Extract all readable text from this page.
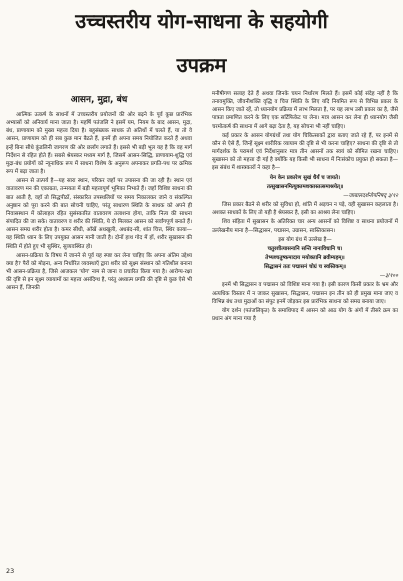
उच्चस्तरीय योग-साधना के सहयोगी
उपक्रम
आसन, मुद्रा, बंध

आत्मिक उत्कर्ष के साधनों में उच्चस्तरीय प्रयोजनों की ओर बढ़ने के पूर्व कुछ प्रारंभिक अभ्यासों को अनिवार्य माना जाता है। महर्षि पतंजलि ने इसमें यम, नियम के बाद आसन, मुद्रा, बंध, प्राणायाम को मुख्य महत्त्व दिया है। बहुसंख्यक साधक तो अतिथों में चलते हैं, या तो वे आसन, प्राणायाम को ही सब कुछ मान बैठते हैं, इनमें ही अपना समय नियोजित करते हैं अथवा इन्हें बिना सीधे कुंडलिनी जागरण की ओर छलाँग लगाते हैं। इससे भी बड़ी भूल यह है कि वह मार्ग निर्देशन से रहित होते हैं। सबसे श्रेयस्कर मध्यम मार्ग है, जिसमें आसन-सिद्धि, प्राणायाम-शुद्धि एवं मुद्रा-बंध प्रयोगों को न्यूनाधिक रूप में साधना विशेष के अनुरूप अपनाकर प्रगति-पथ पर क्रमिक रूप में बढ़ा जाता है।

आसन से तात्पर्य है—यह सारा स्थान, परिकर जहाँ पर उपासना की जा रही है। स्थान एवं वातावरण मन की एकाग्रता, तन्मयता में बड़ी महत्त्वपूर्ण भूमिका निभाते हैं। जहाँ विशिष्ट साधना की बात आती है, वहाँ तो सिद्धपीठों, संस्कारित तपस्थलियों पर समय निकालकर जाने व संकल्पित अनुष्ठान को पूरा करने की बात सोचनी चाहिए, परंतु साधारण स्थिति के साधक को अपने ही निवासस्थान में कोलाहल रहित सुसंस्कारित वातावरण तलाशना होगा, ताकि नित्य की साधना संपादित की जा सके। वातावरण व शरीर की स्थिति, ये दो मिलकर आसन को सर्वांगपूर्ण बनाते हैं। आसन समग्र शरीर होता है। कमर सीधी, आँखें अधखुली, अधबंद-सी, शांत चित्त, स्थिर काया—यह स्थिति ध्यान के लिए उपयुक्त आसन मानी जाती है। दोनों हाथ गोद में हों, शरीर सुखासन की स्थिति में होते हुए भी सुस्थिर, सुव्यवस्थित हो।

आसन-प्रक्रिया के विषय में जानने से पूर्व यह स्पष्ट कर लेना चाहिए कि अपना अंतिम उद्देश्य क्या है? पैरों को मोड़ना, अन्य निर्धारित व्यवस्थाएँ द्वारा शरीर को सूक्ष्म संस्थान को गतिशील बनाना भी आसन-प्रक्रिया है, जिसे आजकल 'योग' नाम से जाना व प्रचारित किया गया है। आरोग्य-रक्षा की दृष्टि से इन सूक्ष्म व्यायामों का महत्त्व असंदिग्ध है, परंतु अध्यात्म प्रगति की दृष्टि से कुछ ऐसे भी आसन हैं, जिनकी

मनीषीगण सलाह देते हैं अथवा जिनके चयन निर्धारण मिलते हैं। इसमें कोई संदेह नहीं है कि तनावमुक्ति, जीवनीशक्ति वृद्धि व चित्त स्थिति के लिए यदि नियमित रूप से विभिन्न प्रकार के आसन किए जाते रहें, तो ध्यानयोग प्रक्रिया में लाभ मिलता है, पर यह लाभ उसी प्रकार का है, जैसे पात्रता प्रमाणित करने के लिए एक सर्टिफिकेट पा लेना। मात्र आसन कर लेना ही ध्यानयोग जैसी चरमोत्कर्ष की साधना में आगे बढ़ा देता है, यह सोचना भी नहीं चाहिए।

कई प्रकार के आसन योगग्रंथों तथा योग चिकित्साकों द्वारा बताए जाते रहे हैं, पर इनमें से कौन से ऐसे हैं, जिन्हें सूक्ष्म शारीरिक व्यायाम की दृष्टि से भी करना चाहिए? साधना की दृष्टि से तो मार्गदर्शक के परामर्श एवं निर्देशानुसार मात्र तीन आसनों तक स्वयं को सीमित रखना चाहिए। सुखासन को तो महत्ता दी गई है क्योंकि यह किसी भी साधना में निःसंकोच प्रयुक्त हो सकता है—इस संबंध में शास्त्रकारों ने कहा है—

येन केन प्रकारेण सुखं धैर्यं च जायते।
तत्सुखासनमित्युक्तमशक्तस्तत्समाश्रयेत्॥
—जाबालदर्शनोपनिषद् ३/१२

जिस प्रकार बैठने से शरीर को सुविधा हो, शांति में अड़चन न पड़े, वही सुखासन कहलाता है। अशक्त साधकों के लिए तो यही है श्रेयस्कर है, इसी का आश्रय लेना चाहिए।

शिव संहिता में सुखासन के अतिरिक्त चार अन्य आसनों को विशिष्ट व साधना प्रयोजनों में उल्लेखनीय माना है—सिद्धासन, पद्मासन, उग्रासन, स्वस्तिकासन।

इस योग ग्रंथ में उल्लेख है—

चतुरशीत्यासनानि सन्ति नानाविधानि च।
तेभ्यश्चतुष्कमादाय मयोक्तानि ब्रवीम्यहम्॥
सिद्धासनं ततः पद्मासनं चोग्रं च स्वस्तिकम्॥
—३/१००

इनमें भी सिद्धासन व पद्मासन को विशिष्ट माना गया है। इसी कारण किसी प्रकार के भ्रम और अत्यधिक विस्तार में न जाकर सुखासन, सिद्धासन, पद्मासन इन तीन को ही प्रमुख माना जाए व विभिन्न बंध तथा मुद्राओं का संपुट इनमें जोड़कर इस प्रारंभिक साधना को समग्र बनाया जाए।

योग दर्शन (पतंजलिकृत) के समाधिपाद में आसन को आठ योग के अंगों में तीसरे क्रम का प्रधान अंग माना गया है

23
